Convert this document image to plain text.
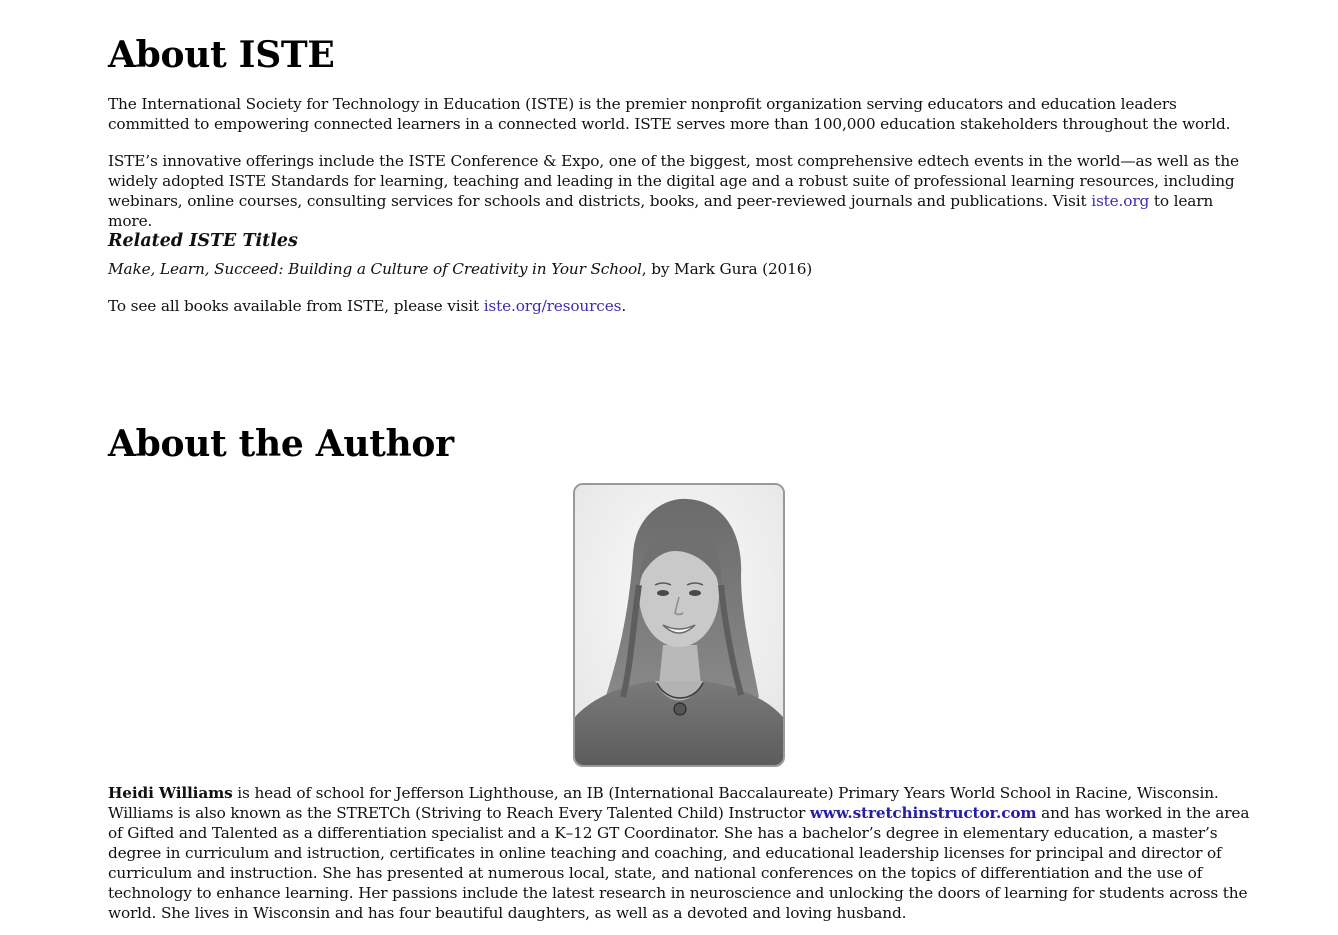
About ISTE

The International Society for Technology in Education (ISTE) is the premier nonprofit organization serving educators and education leaders committed to empowering connected learners in a connected world. ISTE serves more than 100,000 education stakeholders throughout the world.

ISTE’s innovative offerings include the ISTE Conference & Expo, one of the biggest, most comprehensive edtech events in the world—as well as the widely adopted ISTE Standards for learning, teaching and leading in the digital age and a robust suite of professional learning resources, including webinars, online courses, consulting services for schools and districts, books, and peer-reviewed journals and publications. Visit iste.org to learn more.

Related ISTE Titles

Make, Learn, Succeed: Building a Culture of Creativity in Your School, by Mark Gura (2016)

To see all books available from ISTE, please visit iste.org/resources.

About the Author

Heidi Williams is head of school for Jefferson Lighthouse, an IB (International Baccalaureate) Primary Years World School in Racine, Wisconsin. Williams is also known as the STRETCh (Striving to Reach Every Talented Child) Instructor www.stretchinstructor.com and has worked in the area of Gifted and Talented as a differentiation specialist and a K–12 GT Coordinator. She has a bachelor’s degree in elementary education, a master’s degree in curriculum and istruction, certificates in online teaching and coaching, and educational leadership licenses for principal and director of curriculum and instruction. She has presented at numerous local, state, and national conferences on the topics of differentiation and the use of technology to enhance learning. Her passions include the latest research in neuroscience and unlocking the doors of learning for students across the world. She lives in Wisconsin and has four beautiful daughters, as well as a devoted and loving husband.
